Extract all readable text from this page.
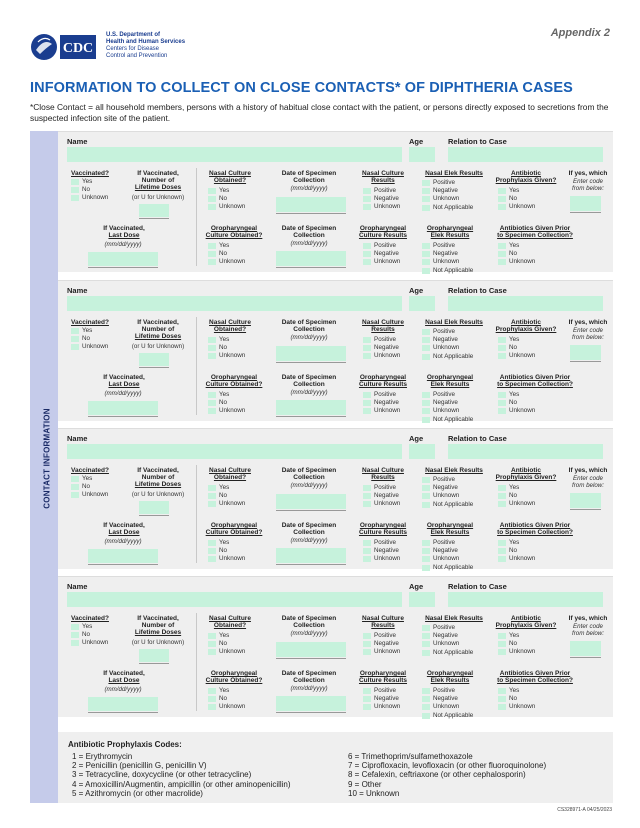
CDC
U.S. Department of
Health and Human Services
Centers for Disease
Control and Prevention
Appendix 2
INFORMATION TO COLLECT ON CLOSE CONTACTS* OF DIPHTHERIA CASES
*Close Contact = all household members, persons with a history of habitual close contact with the patient, or persons directly exposed to secretions from the suspected infection site of the patient.
CONTACT INFORMATION
Name	Age	Relation to Case
Vaccinated?
Yes
No
Unknown
If Vaccinated,
Number of
Lifetime Doses
(or U for Unknown)
Nasal Culture
Obtained?
Yes
No
Unknown
Date of Specimen
Collection
(mm/dd/yyyy)
Nasal Culture
Results
Positive
Negative
Unknown
Nasal Elek Results
Positive
Negative
Unknown
Not Applicable
Antibiotic
Prophylaxis Given?
Yes
No
Unknown
If yes, which
Enter code
from below:
If Vaccinated,
Last Dose
(mm/dd/yyyy)
Oropharyngeal
Culture Obtained?
Yes
No
Unknown
Date of Specimen
Collection
(mm/dd/yyyy)
Oropharyngeal
Culture Results
Positive
Negative
Unknown
Oropharyngeal
Elek Results
Positive
Negative
Unknown
Not Applicable
Antibiotics Given Prior
to Specimen Collection?
Yes
No
Unknown
Name	Age	Relation to Case
Vaccinated?
Yes
No
Unknown
If Vaccinated,
Number of
Lifetime Doses
(or U for Unknown)
Nasal Culture
Obtained?
Yes
No
Unknown
Date of Specimen
Collection
(mm/dd/yyyy)
Nasal Culture
Results
Positive
Negative
Unknown
Nasal Elek Results
Positive
Negative
Unknown
Not Applicable
Antibiotic
Prophylaxis Given?
Yes
No
Unknown
If yes, which
Enter code
from below:
If Vaccinated,
Last Dose
(mm/dd/yyyy)
Oropharyngeal
Culture Obtained?
Yes
No
Unknown
Date of Specimen
Collection
(mm/dd/yyyy)
Oropharyngeal
Culture Results
Positive
Negative
Unknown
Oropharyngeal
Elek Results
Positive
Negative
Unknown
Not Applicable
Antibiotics Given Prior
to Specimen Collection?
Yes
No
Unknown
Name	Age	Relation to Case
Vaccinated?
Yes
No
Unknown
If Vaccinated,
Number of
Lifetime Doses
(or U for Unknown)
Nasal Culture
Obtained?
Yes
No
Unknown
Date of Specimen
Collection
(mm/dd/yyyy)
Nasal Culture
Results
Positive
Negative
Unknown
Nasal Elek Results
Positive
Negative
Unknown
Not Applicable
Antibiotic
Prophylaxis Given?
Yes
No
Unknown
If yes, which
Enter code
from below:
If Vaccinated,
Last Dose
(mm/dd/yyyy)
Oropharyngeal
Culture Obtained?
Yes
No
Unknown
Date of Specimen
Collection
(mm/dd/yyyy)
Oropharyngeal
Culture Results
Positive
Negative
Unknown
Oropharyngeal
Elek Results
Positive
Negative
Unknown
Not Applicable
Antibiotics Given Prior
to Specimen Collection?
Yes
No
Unknown
Name	Age	Relation to Case
Vaccinated?
Yes
No
Unknown
If Vaccinated,
Number of
Lifetime Doses
(or U for Unknown)
Nasal Culture
Obtained?
Yes
No
Unknown
Date of Specimen
Collection
(mm/dd/yyyy)
Nasal Culture
Results
Positive
Negative
Unknown
Nasal Elek Results
Positive
Negative
Unknown
Not Applicable
Antibiotic
Prophylaxis Given?
Yes
No
Unknown
If yes, which
Enter code
from below:
If Vaccinated,
Last Dose
(mm/dd/yyyy)
Oropharyngeal
Culture Obtained?
Yes
No
Unknown
Date of Specimen
Collection
(mm/dd/yyyy)
Oropharyngeal
Culture Results
Positive
Negative
Unknown
Oropharyngeal
Elek Results
Positive
Negative
Unknown
Not Applicable
Antibiotics Given Prior
to Specimen Collection?
Yes
No
Unknown
Antibiotic Prophylaxis Codes:
1 = Erythromycin
2 = Penicillin (penicillin G, penicillin V)
3 = Tetracycline, doxycycline (or other tetracycline)
4 = Amoxicillin/Augmentin, ampicillin (or other aminopenicillin)
5 = Azithromycin (or other macrolide)
6 = Trimethoprim/sulfamethoxazole
7 = Ciprofloxacin, levofloxacin (or other fluoroquinolone)
8 = Cefalexin, ceftriaxone (or other cephalosporin)
9 = Other
10 = Unknown
CS328971-A 04/25/2023
